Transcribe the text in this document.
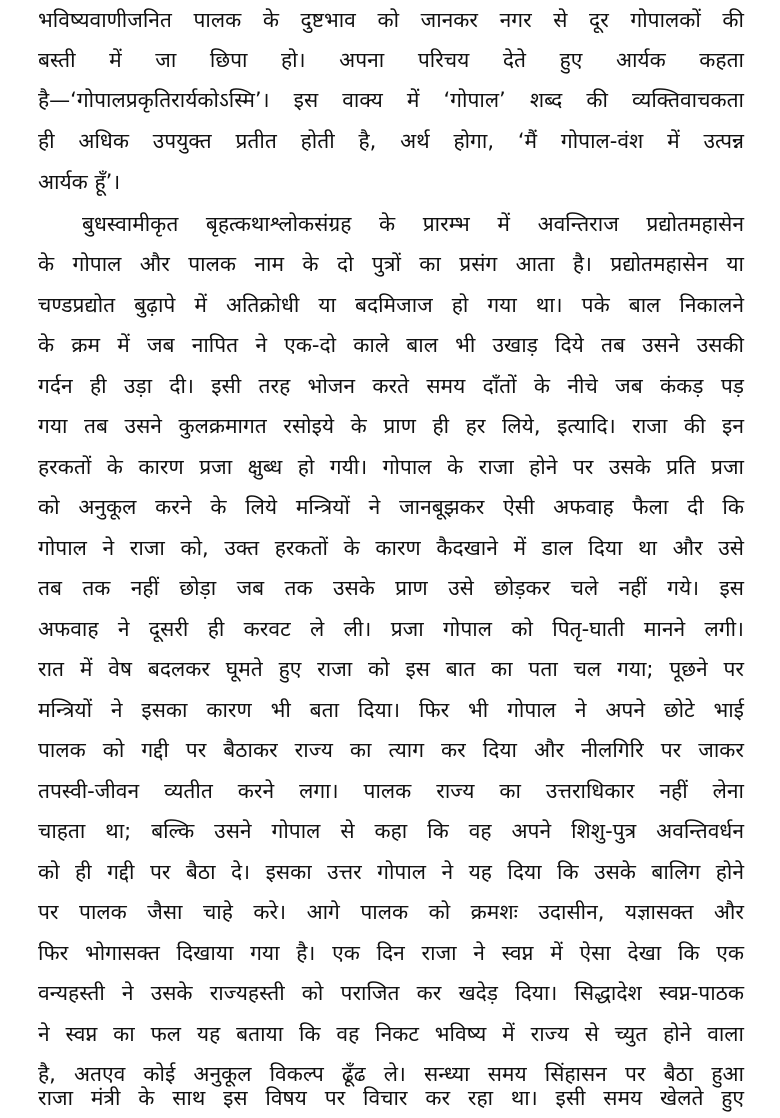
भविष्यवाणीजनित पालक के दुष्टभाव को जानकर नगर से दूर गोपालकों की
बस्ती में जा छिपा हो। अपना परिचय देते हुए आर्यक कहता
है—‘गोपालप्रकृतिरार्यकोऽस्मि’। इस वाक्य में ‘गोपाल’ शब्द की व्यक्तिवाचकता
ही अधिक उपयुक्त प्रतीत होती है, अर्थ होगा, ‘मैं गोपाल-वंश में उत्पन्न
आर्यक हूँ’।
बुधस्वामीकृत बृहत्कथाश्लोकसंग्रह के प्रारम्भ में अवन्तिराज प्रद्योतमहासेन
के गोपाल और पालक नाम के दो पुत्रों का प्रसंग आता है। प्रद्योतमहासेन या
चण्डप्रद्योत बुढ़ापे में अतिक्रोधी या बदमिजाज हो गया था। पके बाल निकालने
के क्रम में जब नापित ने एक-दो काले बाल भी उखाड़ दिये तब उसने उसकी
गर्दन ही उड़ा दी। इसी तरह भोजन करते समय दाँतों के नीचे जब कंकड़ पड़
गया तब उसने कुलक्रमागत रसोइये के प्राण ही हर लिये, इत्यादि। राजा की इन
हरकतों के कारण प्रजा क्षुब्ध हो गयी। गोपाल के राजा होने पर उसके प्रति प्रजा
को अनुकूल करने के लिये मन्त्रियों ने जानबूझकर ऐसी अफवाह फैला दी कि
गोपाल ने राजा को, उक्त हरकतों के कारण कैदखाने में डाल दिया था और उसे
तब तक नहीं छोड़ा जब तक उसके प्राण उसे छोड़कर चले नहीं गये। इस
अफवाह ने दूसरी ही करवट ले ली। प्रजा गोपाल को पितृ-घाती मानने लगी।
रात में वेष बदलकर घूमते हुए राजा को इस बात का पता चल गया; पूछने पर
मन्त्रियों ने इसका कारण भी बता दिया। फिर भी गोपाल ने अपने छोटे भाई
पालक को गद्दी पर बैठाकर राज्य का त्याग कर दिया और नीलगिरि पर जाकर
तपस्वी-जीवन व्यतीत करने लगा। पालक राज्य का उत्तराधिकार नहीं लेना
चाहता था; बल्कि उसने गोपाल से कहा कि वह अपने शिशु-पुत्र अवन्तिवर्धन
को ही गद्दी पर बैठा दे। इसका उत्तर गोपाल ने यह दिया कि उसके बालिग होने
पर पालक जैसा चाहे करे। आगे पालक को क्रमशः उदासीन, यज्ञासक्त और
फिर भोगासक्त दिखाया गया है। एक दिन राजा ने स्वप्न में ऐसा देखा कि एक
वन्यहस्ती ने उसके राज्यहस्ती को पराजित कर खदेड़ दिया। सिद्धादेश स्वप्न-पाठक
ने स्वप्न का फल यह बताया कि वह निकट भविष्य में राज्य से च्युत होने वाला
है, अतएव कोई अनुकूल विकल्प ढूँढ ले। सन्ध्या समय सिंहासन पर बैठा हुआ
राजा मंत्री के साथ इस विषय पर विचार कर रहा था। इसी समय खेलते हुए
